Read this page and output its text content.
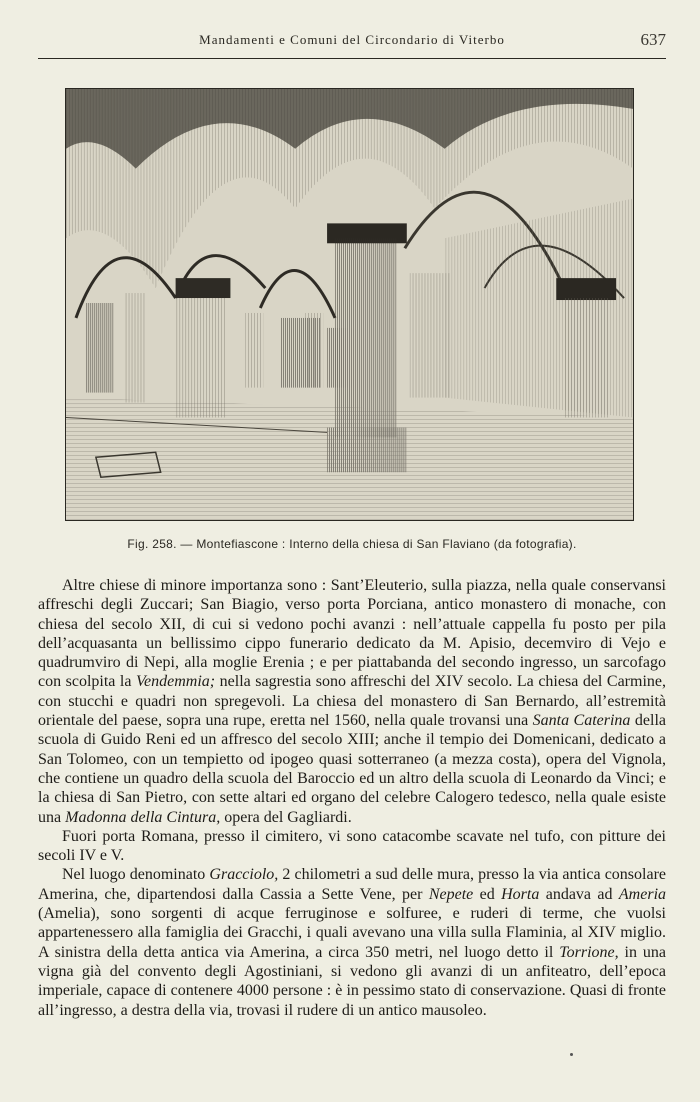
Mandamenti e Comuni del Circondario di Viterbo	637
Fig. 258. — Montefiascone : Interno della chiesa di San Flaviano (da fotografia).

Altre chiese di minore importanza sono : Sant’Eleuterio, sulla piazza, nella quale conservansi affreschi degli Zuccari; San Biagio, verso porta Porciana, antico monastero di monache, con chiesa del secolo XII, di cui si vedono pochi avanzi : nell’attuale cappella fu posto per pila dell’acquasanta un bellissimo cippo funerario dedicato da M. Apisio, decemviro di Vejo e quadrumviro di Nepi, alla moglie Erenia ; e per piattabanda del secondo ingresso, un sarcofago con scolpita la Vendemmia; nella sagrestia sono affreschi del XIV secolo. La chiesa del Carmine, con stucchi e quadri non spregevoli. La chiesa del monastero di San Bernardo, all’estremità orientale del paese, sopra una rupe, eretta nel 1560, nella quale trovansi una Santa Caterina della scuola di Guido Reni ed un affresco del secolo XIII; anche il tempio dei Domenicani, dedicato a San Tolomeo, con un tempietto od ipogeo quasi sotterraneo (a mezza costa), opera del Vignola, che contiene un quadro della scuola del Baroccio ed un altro della scuola di Leonardo da Vinci; e la chiesa di San Pietro, con sette altari ed organo del celebre Calogero tedesco, nella quale esiste una Madonna della Cintura, opera del Gagliardi.

Fuori porta Romana, presso il cimitero, vi sono catacombe scavate nel tufo, con pitture dei secoli IV e V.

Nel luogo denominato Gracciolo, 2 chilometri a sud delle mura, presso la via antica consolare Amerina, che, dipartendosi dalla Cassia a Sette Vene, per Nepete ed Horta andava ad Ameria (Amelia), sono sorgenti di acque ferruginose e solfuree, e ruderi di terme, che vuolsi appartenessero alla famiglia dei Gracchi, i quali avevano una villa sulla Flaminia, al XIV miglio. A sinistra della detta antica via Amerina, a circa 350 metri, nel luogo detto il Torrione, in una vigna già del convento degli Agostiniani, si vedono gli avanzi di un anfiteatro, dell’epoca imperiale, capace di contenere 4000 persone : è in pessimo stato di conservazione. Quasi di fronte all’ingresso, a destra della via, trovasi il rudere di un antico mausoleo.
